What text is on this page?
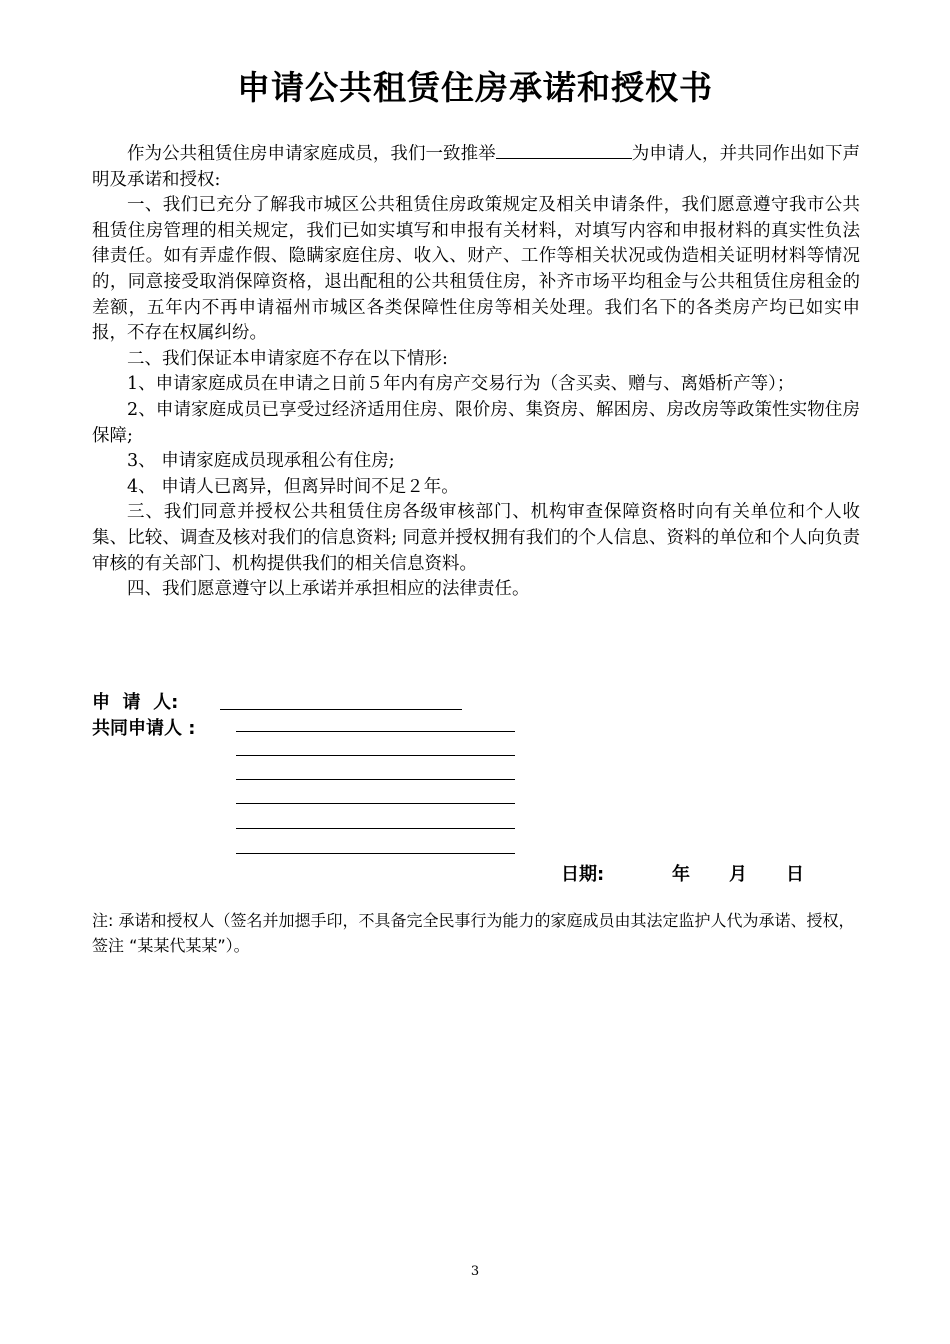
申请公共租赁住房承诺和授权书

作为公共租赁住房申请家庭成员，我们一致推举	为申请人，并共同作出如下声明及承诺和授权:

一、我们已充分了解我市城区公共租赁住房政策规定及相关申请条件，我们愿意遵守我市公共租赁住房管理的相关规定，我们已如实填写和申报有关材料，对填写内容和申报材料的真实性负法律责任。如有弄虚作假、隐瞒家庭住房、收入、财产、工作等相关状况或伪造相关证明材料等情况的，同意接受取消保障资格，退出配租的公共租赁住房，补齐市场平均租金与公共租赁住房租金的差额，五年内不再申请福州市城区各类保障性住房等相关处理。我们名下的各类房产均已如实申报，不存在权属纠纷。

二、我们保证本申请家庭不存在以下情形:

1、申请家庭成员在申请之日前５年内有房产交易行为（含买卖、赠与、离婚析产等）；

2、申请家庭成员已享受过经济适用住房、限价房、集资房、解困房、房改房等政策性实物住房保障;

3、 申请家庭成员现承租公有住房;

4、 申请人已离异，但离异时间不足２年。

三、我们同意并授权公共租赁住房各级审核部门、机构审查保障资格时向有关单位和个人收集、比较、调查及核对我们的信息资料; 同意并授权拥有我们的个人信息、资料的单位和个人向负责审核的有关部门、机构提供我们的相关信息资料。

四、我们愿意遵守以上承诺并承担相应的法律责任。

申  请  人:
共同申请人 :
日期:	年 月 日
注: 承诺和授权人（签名并加摁手印，不具备完全民事行为能力的家庭成员由其法定监护人代为承诺、授权，签注 “某某代某某”）。
3
